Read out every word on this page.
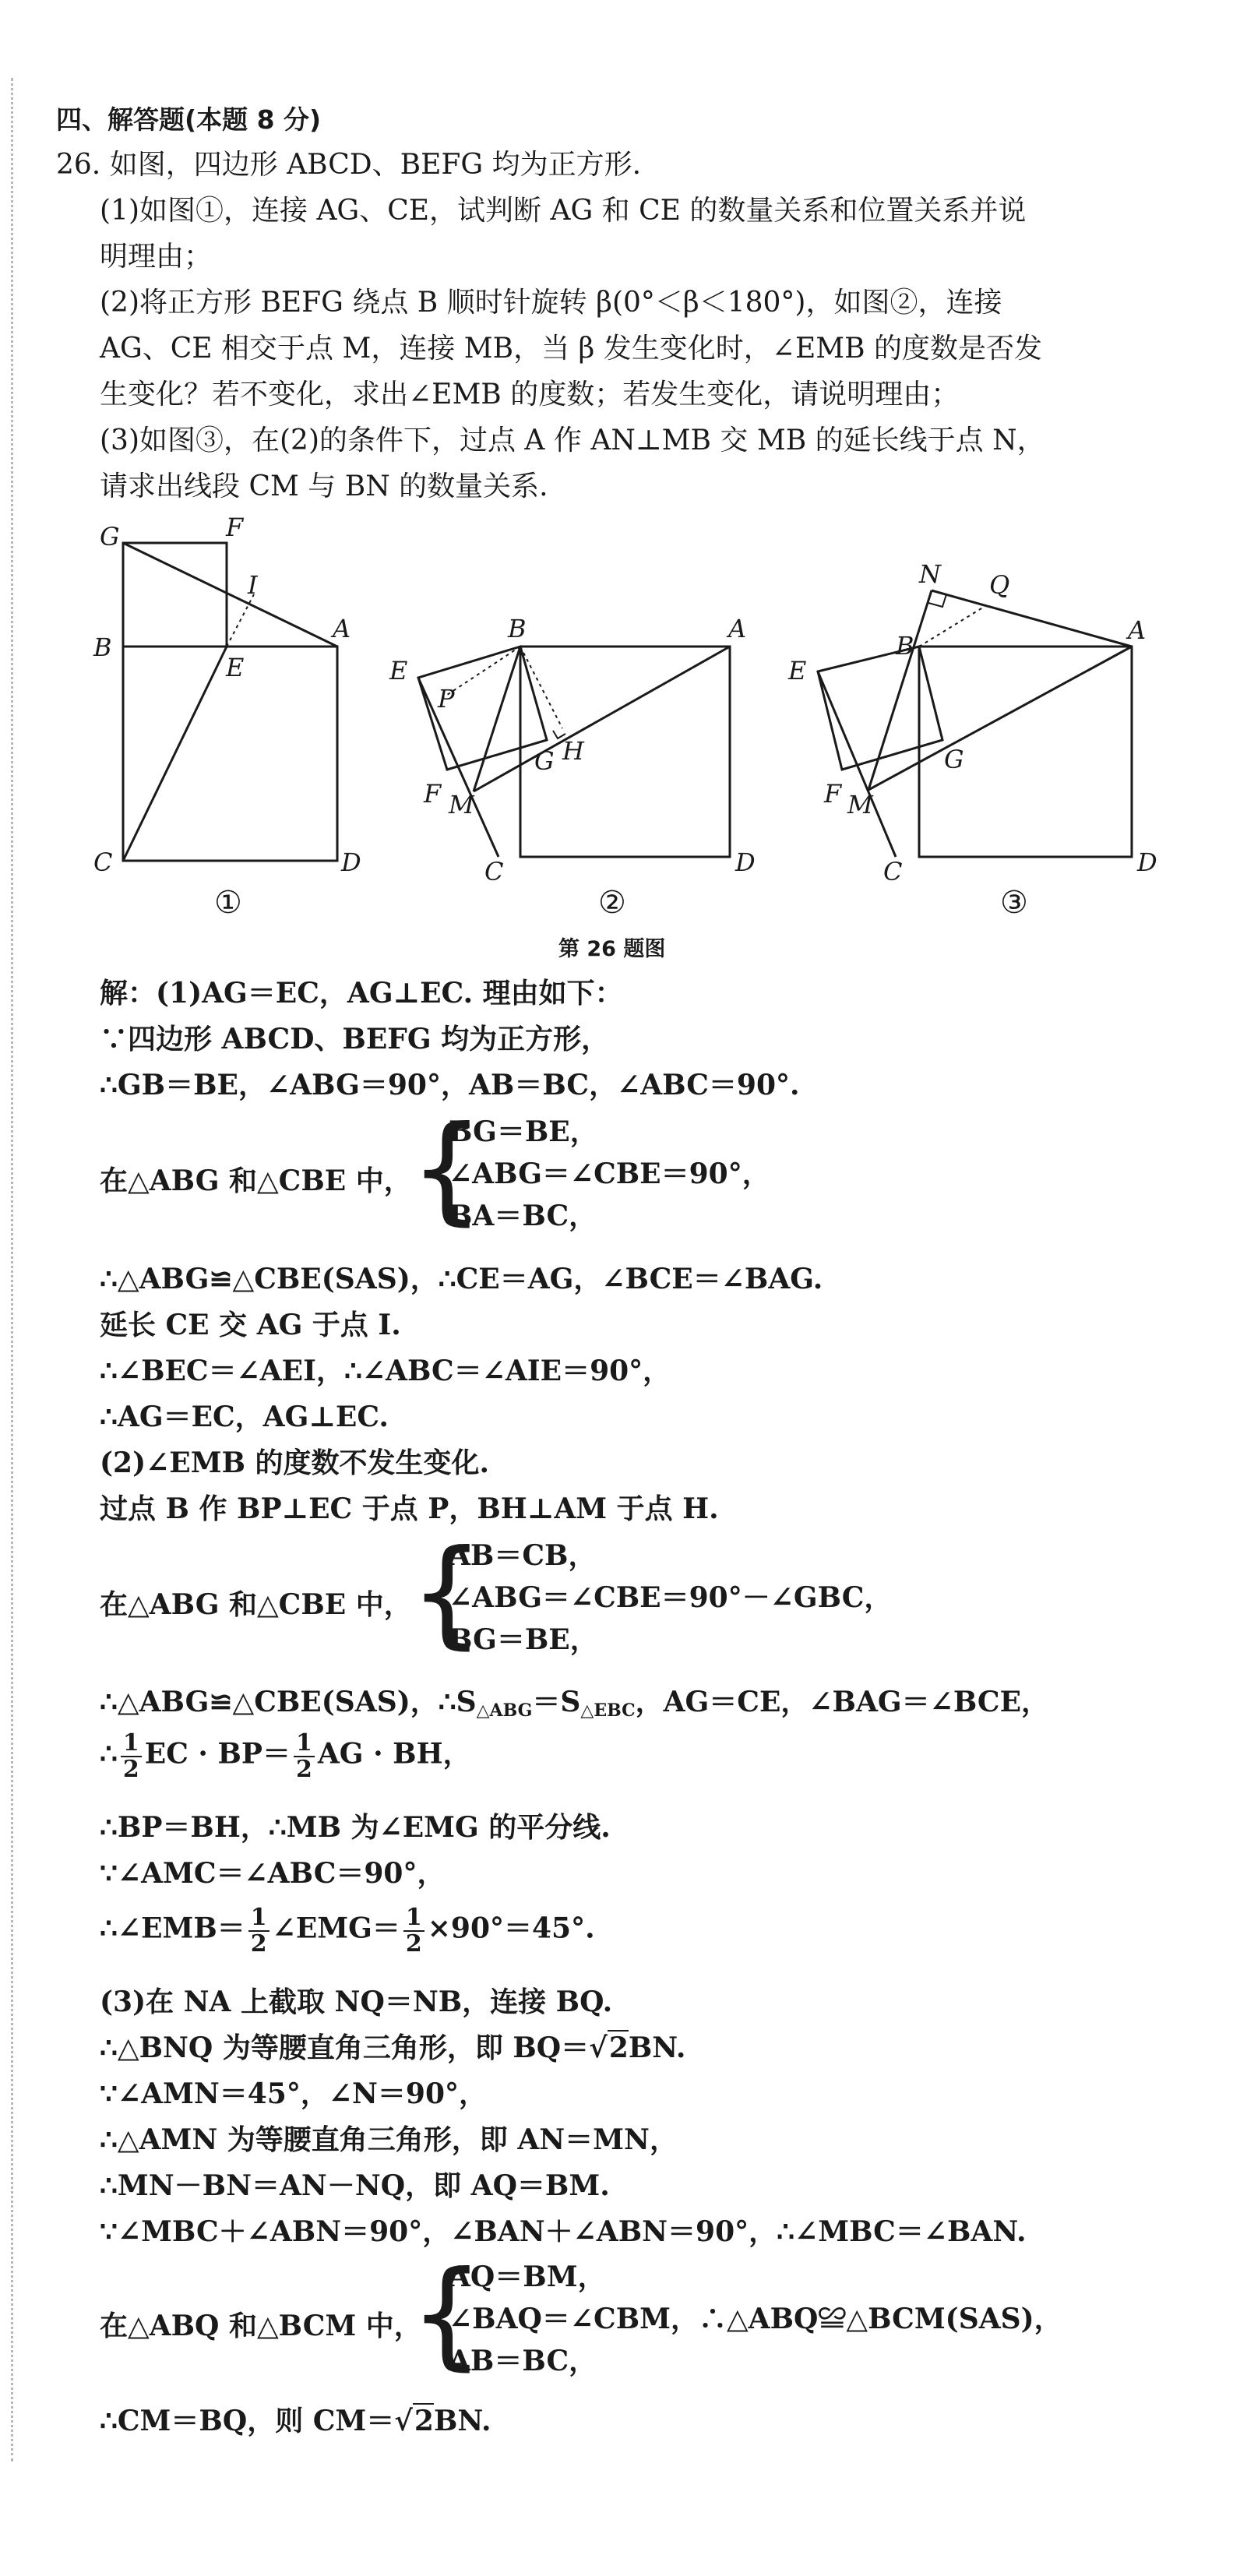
四、解答题(本题 8 分)
26. 如图，四边形 ABCD、BEFG 均为正方形.
(1)如图①，连接 AG、CE，试判断 AG 和 CE 的数量关系和位置关系并说
明理由；
(2)将正方形 BEFG 绕点 B 顺时针旋转 β(0°＜β＜180°)，如图②，连接
AG、CE 相交于点 M，连接 MB，当 β 发生变化时，∠EMB 的度数是否发
生变化？若不变化，求出∠EMB 的度数；若发生变化，请说明理由；
(3)如图③，在(2)的条件下，过点 A 作 AN⊥MB 交 MB 的延长线于点 N，
请求出线段 CM 与 BN 的数量关系.
G	F
I
B
E
A
C	D
①
B	A
E
P
G H
F M
C	D
②
N Q
B
A
E
G
F M
C	D
③
第 26 题图
解：(1)AG＝EC，AG⊥EC. 理由如下：
∵四边形 ABCD、BEFG 均为正方形，
∴GB＝BE，∠ABG＝90°，AB＝BC，∠ABC＝90°.
在△ABG 和△CBE 中，
{
BG＝BE，
∠ABG＝∠CBE＝90°，
BA＝BC，
∴△ABG≌△CBE(SAS)，∴CE＝AG，∠BCE＝∠BAG.
延长 CE 交 AG 于点 I.
∴∠BEC＝∠AEI，∴∠ABC＝∠AIE＝90°，
∴AG＝EC，AG⊥EC.
(2)∠EMB 的度数不发生变化.
过点 B 作 BP⊥EC 于点 P，BH⊥AM 于点 H.
在△ABG 和△CBE 中，
{
AB＝CB，
∠ABG＝∠CBE＝90°－∠GBC，
BG＝BE，
∴△ABG≌△CBE(SAS)，$\therefore S_{\triangle ABG}=S_{\triangle EBC}$，AG＝CE，∠BAG＝∠BCE，
∴ $\frac{1}{2}$ EC · $BP= \frac{1}{2}$ AG · BH，
∴BP＝BH，∴MB 为∠EMG 的平分线.
∵∠AMC＝∠ABC＝90°，
∴∠EMB＝ $\frac{1}{2}$ ∠EMG＝ $\frac{1}{2} \times 90^\circ=45^\circ$.
(3)在 NA 上截取 NQ＝NB，连接 BQ.
∴△BNQ 为等腰直角三角形，即 BQ＝√2BN.
∵∠AMN＝45°，∠N＝90°，
∴△AMN 为等腰直角三角形，即 AN＝MN，
∴MN－BN＝AN－NQ，即 AQ＝BM.
∵∠MBC＋∠ABN＝90°，∠BAN＋∠ABN＝90°，∴∠MBC＝∠BAN.
在△ABQ 和△BCM 中，
{
AQ＝BM，
∠BAQ＝∠CBM，∴△ABQ≌△BCM(SAS)，
AB＝BC，
∴CM＝BQ，则 CM＝√2BN.
